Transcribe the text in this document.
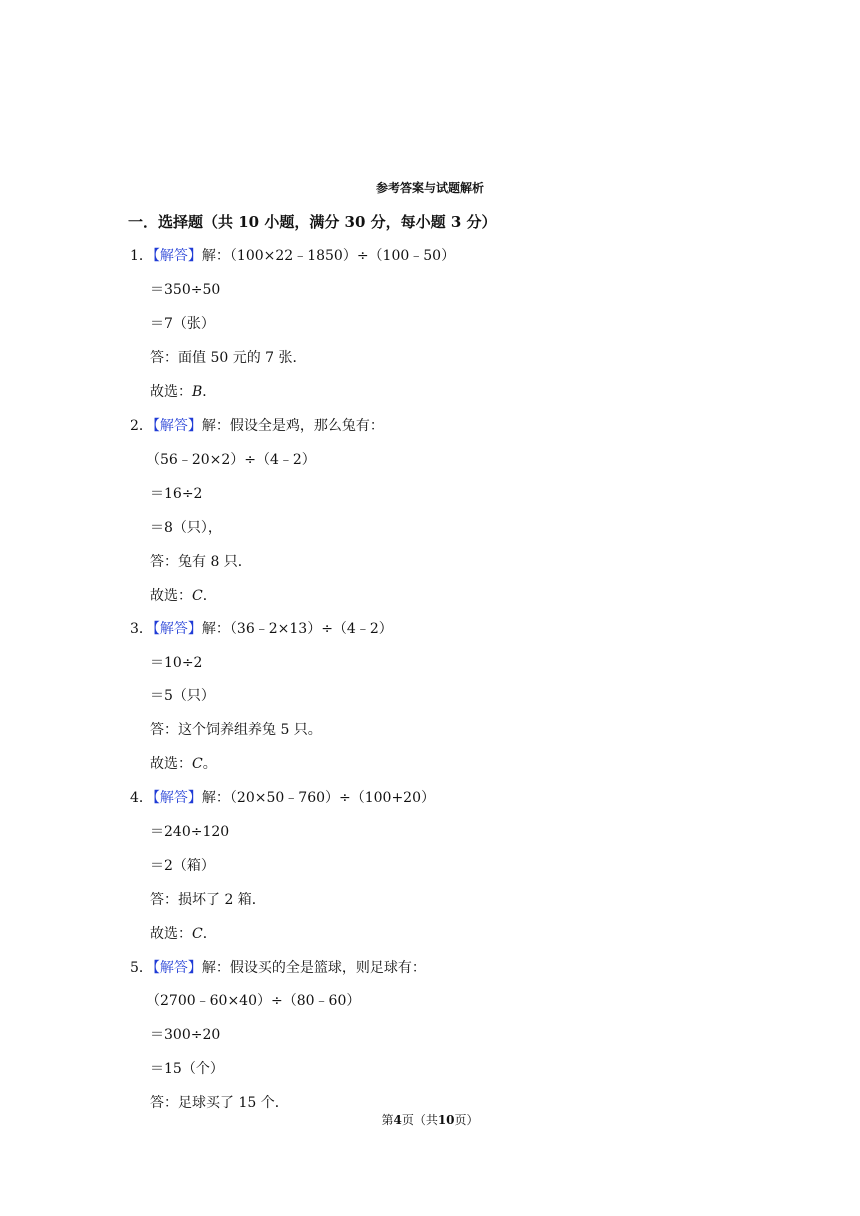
参考答案与试题解析
一．选择题（共 10 小题，满分 30 分，每小题 3 分）
1．【解答】解：（100×22﹣1850）÷（100﹣50）
＝350÷50
＝7（张）
答：面值 50 元的 7 张．
故选：B．
2．【解答】解：假设全是鸡，那么兔有：
（56﹣20×2）÷（4﹣2）
＝16÷2
＝8（只），
答：兔有 8 只．
故选：C．
3．【解答】解：（36﹣2×13）÷（4﹣2）
＝10÷2
＝5（只）
答：这个饲养组养兔 5 只。
故选：C。
4．【解答】解：（20×50﹣760）÷（100+20）
＝240÷120
＝2（箱）
答：损坏了 2 箱．
故选：C．
5．【解答】解：假设买的全是篮球，则足球有：
（2700﹣60×40）÷（80﹣60）
＝300÷20
＝15（个）
答：足球买了 15 个．
第4页（共10页）
